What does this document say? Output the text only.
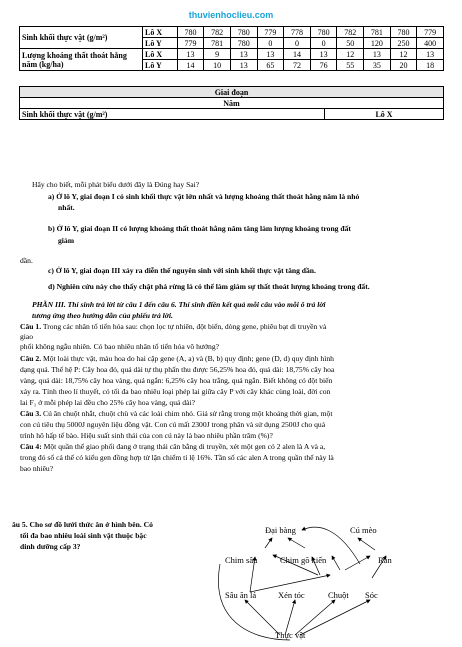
thuvienhoclieu.com
Sinh khối thực vật (g/m²)	Lô X	780	782	780	779	778	780	782	781	780	779
	Lô Y	779	781	780	0	0	0	50	120	250	400
Lượng khoáng thất thoát hằng năm (kg/ha)	Lô X	13	9	13	13	14	13	12	13	12	13
	Lô Y	14	10	13	65	72	76	55	35	20	18
Giai đoạn
Năm
Sinh khối thực vật (g/m²)	Lô X
Hãy cho biết, mỗi phát biểu dưới đây là Đúng hay Sai?
a) Ở lô Y, giai đoạn I có sinh khối thực vật lớn nhất và lượng khoáng thất thoát hằng năm là nhỏ
nhất.
b) Ở lô Y, giai đoạn II có lượng khoáng thất thoát hằng năm tăng làm lượng khoáng trong đất
giảm
dần.
c) Ở lô Y, giai đoạn III xảy ra diễn thế nguyên sinh với sinh khối thực vật tăng dần.
d) Nghiên cứu này cho thấy chặt phá rừng là có thể làm giảm sự thất thoát lượng khoáng trong đất.
PHẦN III. Thí sinh trả lời từ câu 1 đến câu 6. Thí sinh điền kết quả mỗi câu vào mỗi ô trả lời
tương ứng theo hướng dẫn của phiếu trả lời.
Câu 1. Trong các nhân tố tiến hóa sau: chọn lọc tự nhiên, đột biến, dòng gene, phiêu bạt di truyền và
giao
phối không ngẫu nhiên. Có bao nhiêu nhân tố tiến hóa vô hướng?
Câu 2. Một loài thực vật, màu hoa do hai cặp gene (A, a) và (B, b) quy định; gene (D, d) quy định hình
dạng quả. Thế hệ P: Cây hoa đỏ, quả dài tự thụ phấn thu được 56,25% hoa đỏ, quả dài: 18,75% cây hoa
vàng, quả dài: 18,75% cây hoa vàng, quả ngắn: 6,25% cây hoa trắng, quả ngắn. Biết không có đột biến
xảy ra. Tính theo lí thuyết, có tối đa bao nhiêu loại phép lai giữa cây P với cây khác cùng loài, đời con
lai F₁ ở mỗi phép lai đều cho 25% cây hoa vàng, quả dài?
Câu 3. Cú ăn chuột nhắt, chuột chù và các loài chim nhỏ. Giả sử rằng trong một khoảng thời gian, một
con cú tiêu thụ 5000J nguyên liệu đồng vật. Con cú mất 2300J trong phân và sử dụng 2500J cho quá
trình hô hấp tế bào. Hiệu suất sinh thái của con cú này là bao nhiêu phần trăm (%)?
Câu 4: Một quần thể giao phối đang ở trạng thái cân bằng di truyền, xét một gen có 2 alen là A và a,
trong đó số cá thể có kiểu gen đồng hợp tử lặn chiếm tỉ lệ 16%. Tần số các alen A trong quần thể này là
bao nhiêu?
âu 5. Cho sơ đồ lưới thức ăn ở hình bên. Có
tối đa bao nhiêu loài sinh vật thuộc bậc
dinh dưỡng cấp 3?
Đại bàng	Cú mèo
Chim sâu	Chim gõ kiến	Rắn
Sâu ăn lá	Xén tóc	Chuột Sóc
Thực vật
